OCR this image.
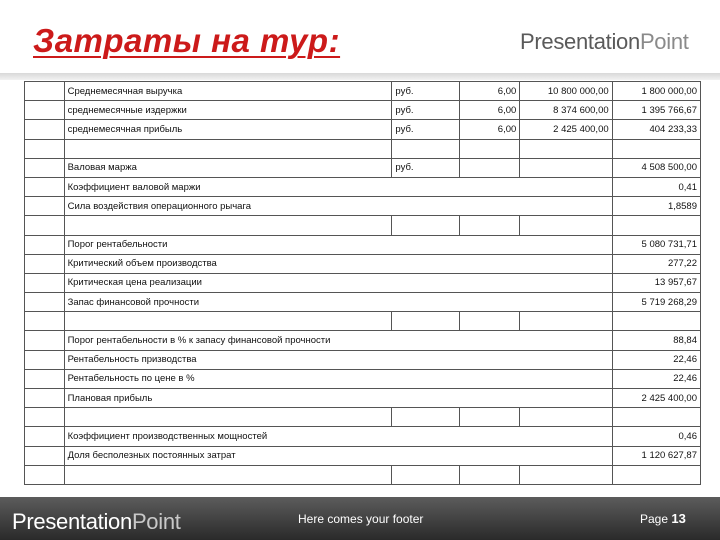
Затраты на тур:	PresentationPoint
	Среднемесячная выручка	руб.	6,00	10 800 000,00	1 800 000,00
	среднемесячные издержки	руб.	6,00	8 374 600,00	1 395 766,67
	среднемесячная прибыль	руб.	6,00	2 425 400,00	404 233,33

	Валовая маржа	руб.			4 508 500,00
	Коэффициент валовой маржи				0,41
	Сила воздействия операционного рычага				1,8589

	Порог рентабельности				5 080 731,71
	Критический объем производства				277,22
	Критическая цена реализации				13 957,67
	Запас финансовой прочности				5 719 268,29

	Порог рентабельности в % к запасу финансовой прочности				88,84
	Рентабельность призводства				22,46
	Рентабельность по цене в %				22,46
	Плановая прибыль				2 425 400,00

	Коэффициент производственных мощностей				0,46
	Доля бесполезных постоянных затрат				1 120 627,87

PresentationPoint	Here comes your footer	Page 13
